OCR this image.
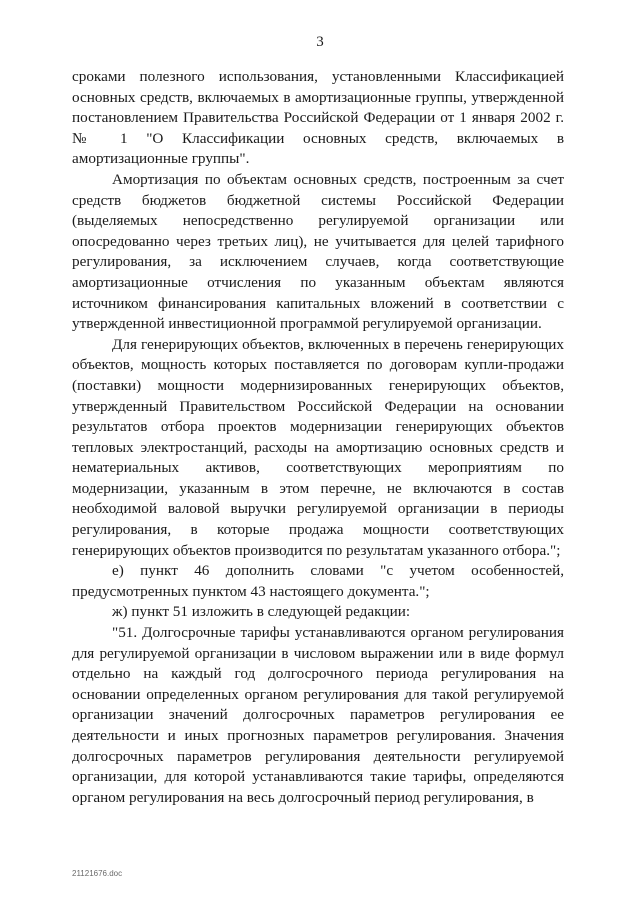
3

сроками полезного использования, установленными Классификацией основных средств, включаемых в амортизационные группы, утвержденной постановлением Правительства Российской Федерации от 1 января 2002 г. № 1 "О Классификации основных средств, включаемых в амортизационные группы".

Амортизация по объектам основных средств, построенным за счет средств бюджетов бюджетной системы Российской Федерации (выделяемых непосредственно регулируемой организации или опосредованно через третьих лиц), не учитывается для целей тарифного регулирования, за исключением случаев, когда соответствующие амортизационные отчисления по указанным объектам являются источником финансирования капитальных вложений в соответствии с утвержденной инвестиционной программой регулируемой организации.

Для генерирующих объектов, включенных в перечень генерирующих объектов, мощность которых поставляется по договорам купли-продажи (поставки) мощности модернизированных генерирующих объектов, утвержденный Правительством Российской Федерации на основании результатов отбора проектов модернизации генерирующих объектов тепловых электростанций, расходы на амортизацию основных средств и нематериальных активов, соответствующих мероприятиям по модернизации, указанным в этом перечне, не включаются в состав необходимой валовой выручки регулируемой организации в периоды регулирования, в которые продажа мощности соответствующих генерирующих объектов производится по результатам указанного отбора.";

е) пункт 46 дополнить словами "с учетом особенностей, предусмотренных пунктом 43 настоящего документа.";

ж) пункт 51 изложить в следующей редакции:

"51. Долгосрочные тарифы устанавливаются органом регулирования для регулируемой организации в числовом выражении или в виде формул отдельно на каждый год долгосрочного периода регулирования на основании определенных органом регулирования для такой регулируемой организации значений долгосрочных параметров регулирования ее деятельности и иных прогнозных параметров регулирования. Значения долгосрочных параметров регулирования деятельности регулируемой организации, для которой устанавливаются такие тарифы, определяются органом регулирования на весь долгосрочный период регулирования, в

21121676.doc
